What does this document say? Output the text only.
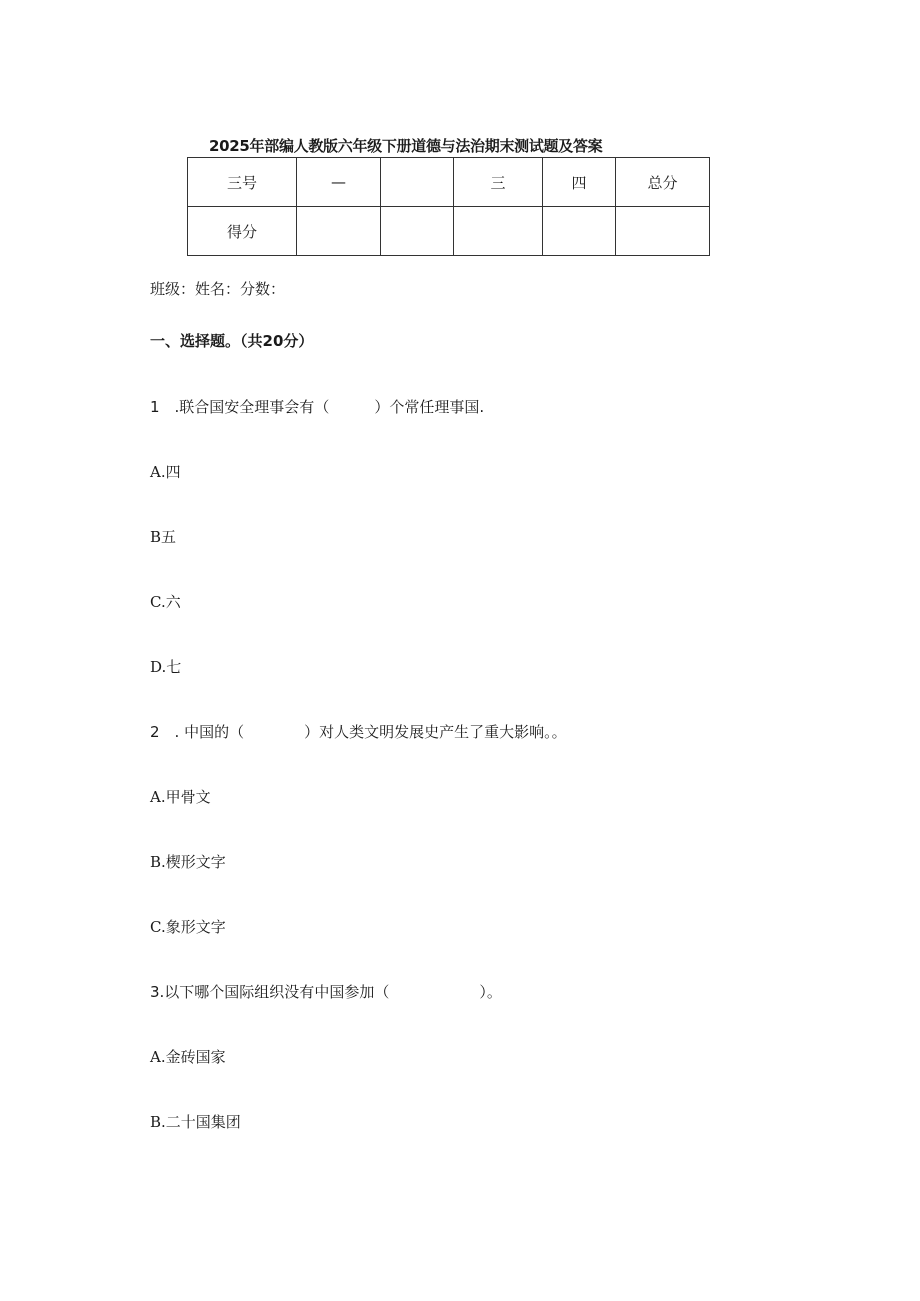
2025年部编人教版六年级下册道德与法治期末测试题及答案
三号	—		三	四	总分
得分					
班级：姓名：分数：
一、选择题。（共20分）
1　.联合国安全理事会有（　　　）个常任理事国.
A.四
B五
C.六
D.七
2　. 中国的（　　　　）对人类文明发展史产生了重大影响。。
A.甲骨文
B.楔形文字
C.象形文字
3.以下哪个国际组织没有中国参加（　　　　　　）。
A.金砖国家
B.二十国集团
